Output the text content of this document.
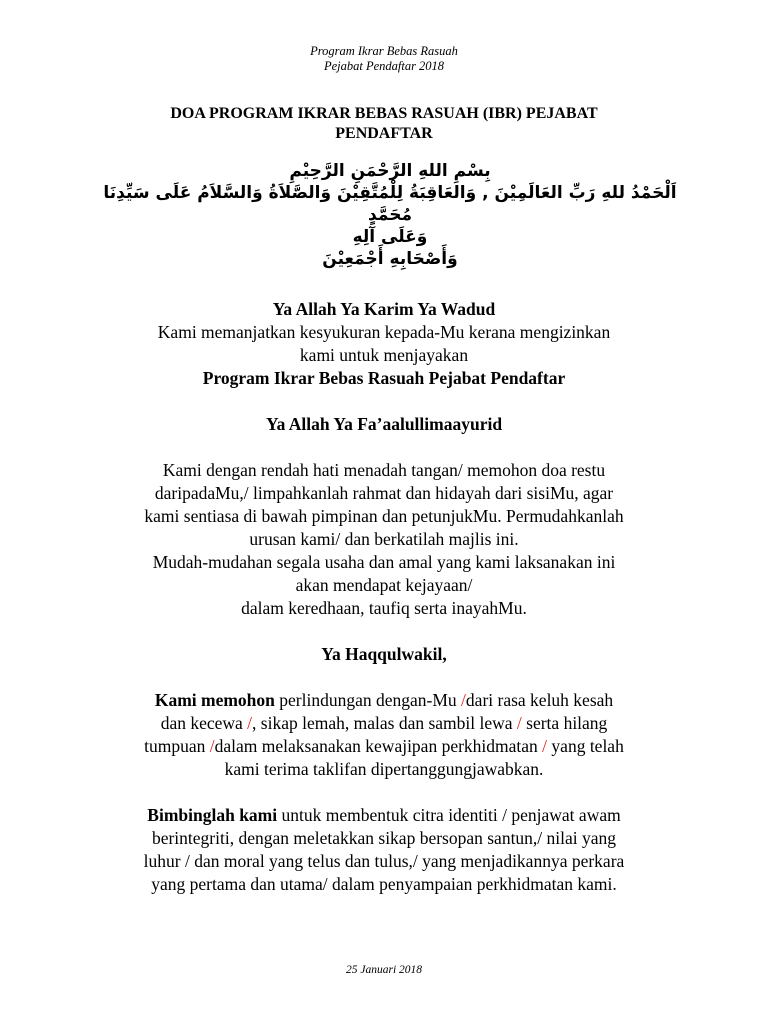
Program Ikrar Bebas Rasuah
Pejabat Pendaftar 2018
DOA PROGRAM IKRAR BEBAS RASUAH (IBR) PEJABAT
PENDAFTAR
بِسْمِ اللهِ الرَّحْمَنِ الرَّحِيْمِ
اَلْحَمْدُ للهِ رَبِّ العَالَمِيْنَ , وَالعَاقِبَةُ لِلْمُتَّقِيْنَ وَالصَّلاَةُ وَالسَّلاَمُ عَلَى سَيِّدِنَا مُحَمَّدٍ
وَعَلَى آلِهِ
وَأَصْحَابِهِ أَجْمَعِيْنَ

Ya Allah Ya Karim Ya Wadud

Kami memanjatkan kesyukuran kepada-Mu kerana mengizinkan

kami untuk menjayakan

Program Ikrar Bebas Rasuah Pejabat Pendaftar

Ya Allah Ya Fa’aalullimaayurid

Kami dengan rendah hati menadah tangan/ memohon doa restu

daripadaMu,/ limpahkanlah rahmat dan hidayah dari sisiMu, agar

kami sentiasa di bawah pimpinan dan petunjukMu. Permudahkanlah

urusan kami/ dan berkatilah majlis ini.

Mudah-mudahan segala usaha dan amal yang kami laksanakan ini

akan mendapat kejayaan/

dalam keredhaan, taufiq serta inayahMu.

Ya Haqqulwakil,

Kami memohon perlindungan dengan-Mu /dari rasa keluh kesah

dan kecewa /, sikap lemah, malas dan sambil lewa / serta hilang

tumpuan /dalam melaksanakan kewajipan perkhidmatan / yang telah

kami terima taklifan dipertanggungjawabkan.

Bimbinglah kami untuk membentuk citra identiti / penjawat awam

berintegriti, dengan meletakkan sikap bersopan santun,/ nilai yang

luhur / dan moral yang telus dan tulus,/ yang menjadikannya perkara

yang pertama dan utama/ dalam penyampaian perkhidmatan kami.

25 Januari 2018
